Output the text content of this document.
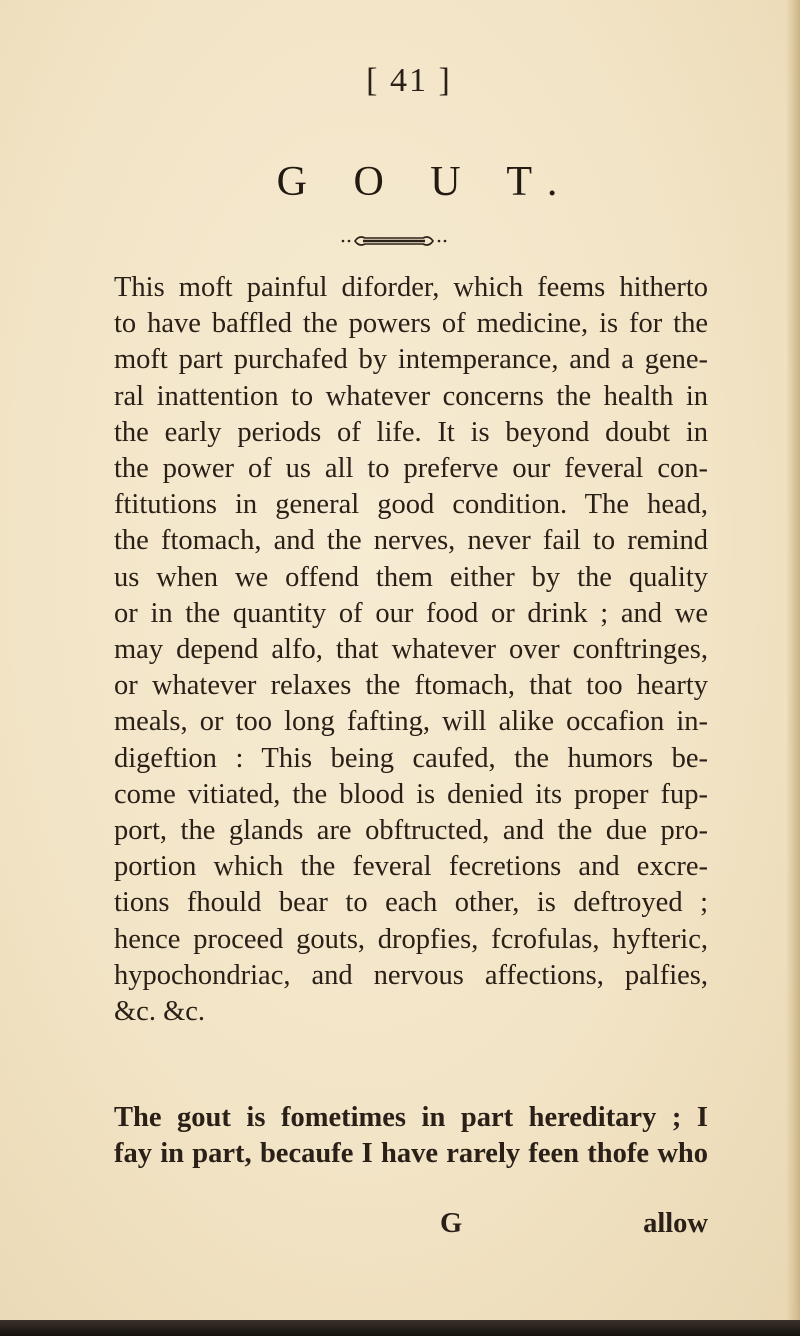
[ 41 ]
G O U T.
This moft painful diforder, which feems hitherto
to have baffled the powers of medicine, is for the
moft part purchafed by intemperance, and a gene-
ral inattention to whatever concerns the health in
the early periods of life. It is beyond doubt in
the power of us all to preferve our feveral con-
ftitutions in general good condition. The head,
the ftomach, and the nerves, never fail to remind
us when we offend them either by the quality
or in the quantity of our food or drink ; and we
may depend alfo, that whatever over conftringes,
or whatever relaxes the ftomach, that too hearty
meals, or too long fafting, will alike occafion in-
digeftion : This being caufed, the humors be-
come vitiated, the blood is denied its proper fup-
port, the glands are obftructed, and the due pro-
portion which the feveral fecretions and excre-
tions fhould bear to each other, is deftroyed ;
hence proceed gouts, dropfies, fcrofulas, hyfteric,
hypochondriac, and nervous affections, palfies,
&c. &c.
The gout is fometimes in part hereditary ; I
fay in part, becaufe I have rarely feen thofe who
G	allow
